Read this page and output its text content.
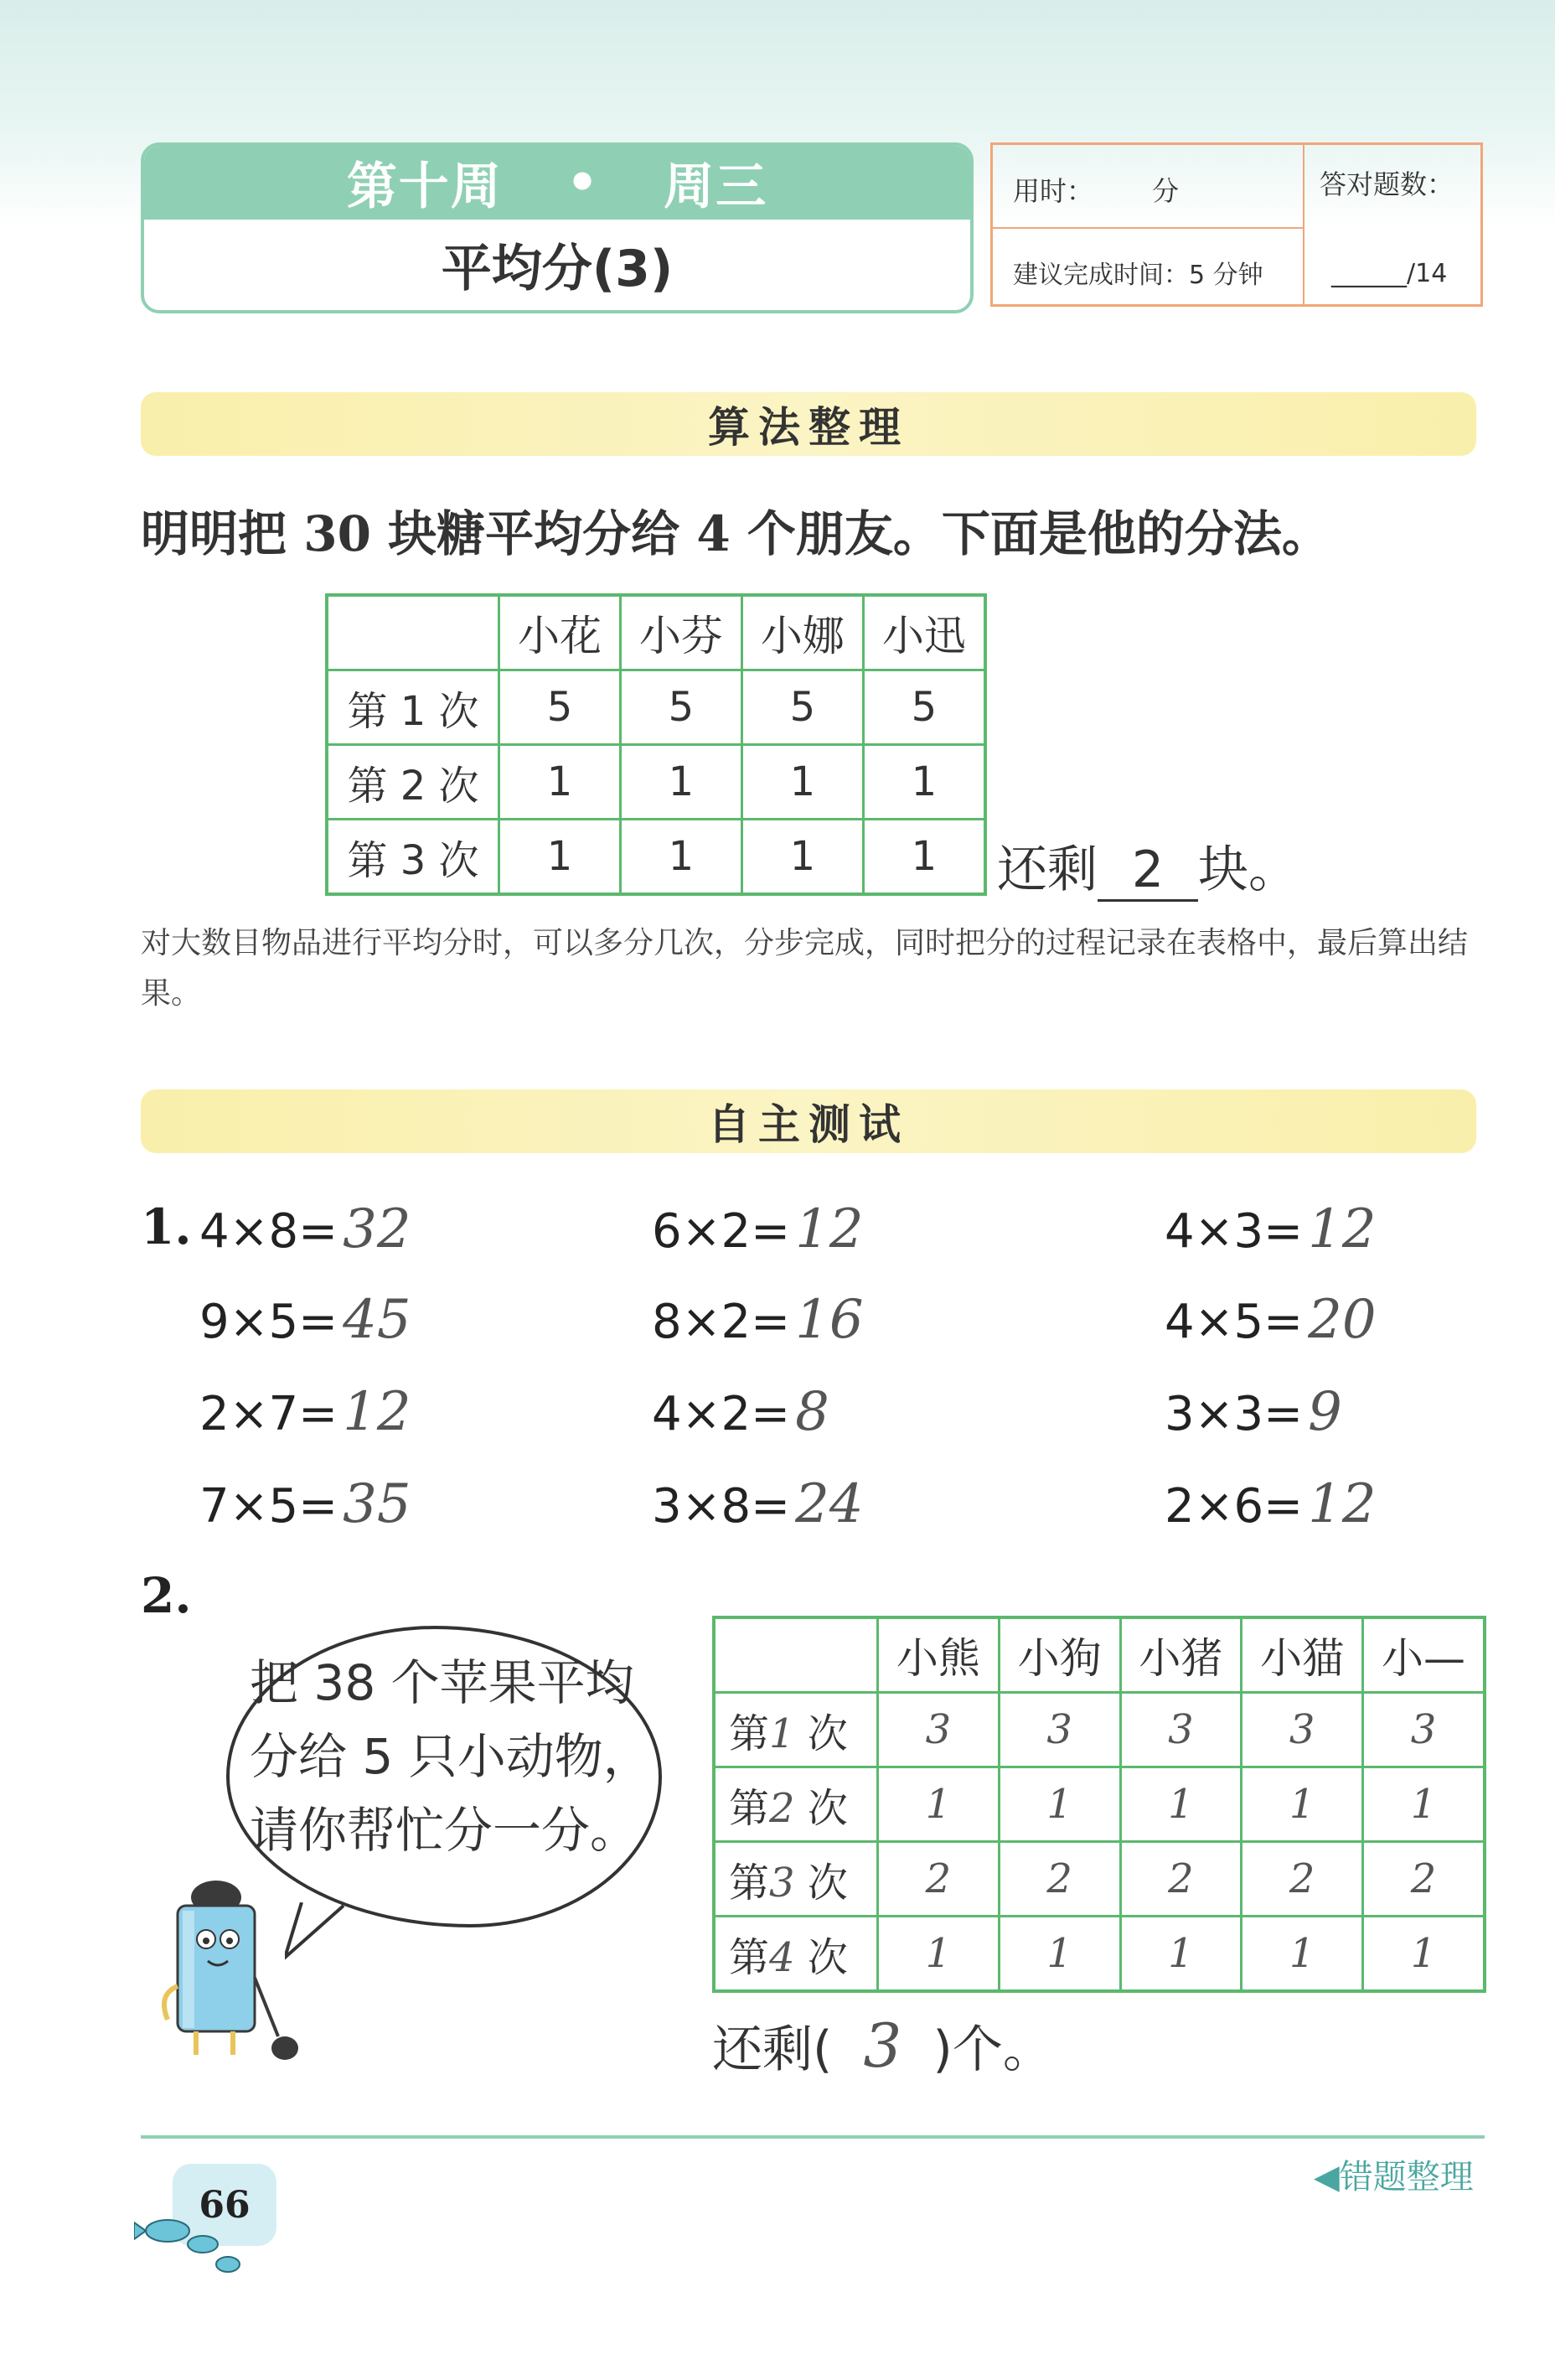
第十周 • 周三
平均分(3)
用时： 分
建议完成时间：5 分钟
答对题数：
______/14
算法整理
明明把 30 块糖平均分给 4 个朋友。下面是他的分法。
	小花	小芬	小娜	小迅
第 1 次	5	5	5	5
第 2 次	1	1	1	1
第 3 次	1	1	1	1 还剩 2 块。
对大数目物品进行平均分时，可以多分几次，分步完成，同时把分的过程记录在表格中，最后算出结果。
自主测试
1. 4×8=32
9×5=45
2×7=12
7×5=35
6×2=12
8×2=16
4×2=8
3×8=24
4×3=12
4×5=20
3×3=9
2×6=12
2.

把 38 个苹果平均分给 5 只小动物，请你帮忙分一分。

	小熊	小狗	小猪	小猫	小—
第1 次	3	3	3	3	3
第2 次	1	1	1	1	1
第3 次	2	2	2	2	2
第4 次	1	1	1	1	1
还剩( 3 )个。
66
◀错题整理
